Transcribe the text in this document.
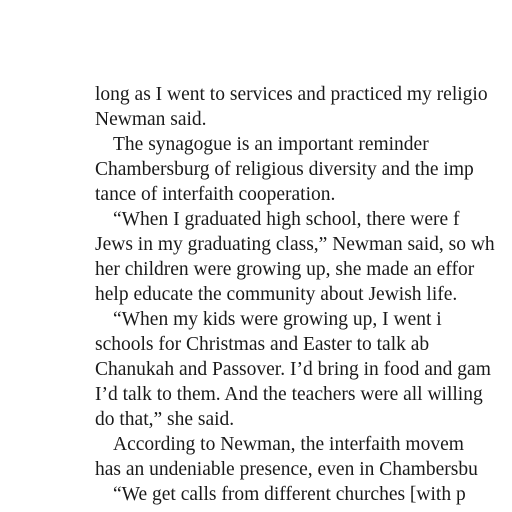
long as I went to services and practiced my religio
Newman said.
The synagogue is an important reminder
Chambersburg of religious diversity and the imp
tance of interfaith cooperation.
“When I graduated high school, there were f
Jews in my graduating class,” Newman said, so wh
her children were growing up, she made an effor
help educate the community about Jewish life.
“When my kids were growing up, I went i
schools for Christmas and Easter to talk ab
Chanukah and Passover. I’d bring in food and gam
I’d talk to them. And the teachers were all willing
do that,” she said.
According to Newman, the interfaith movem
has an undeniable presence, even in Chambersbu
“We get calls from different churches [with p
